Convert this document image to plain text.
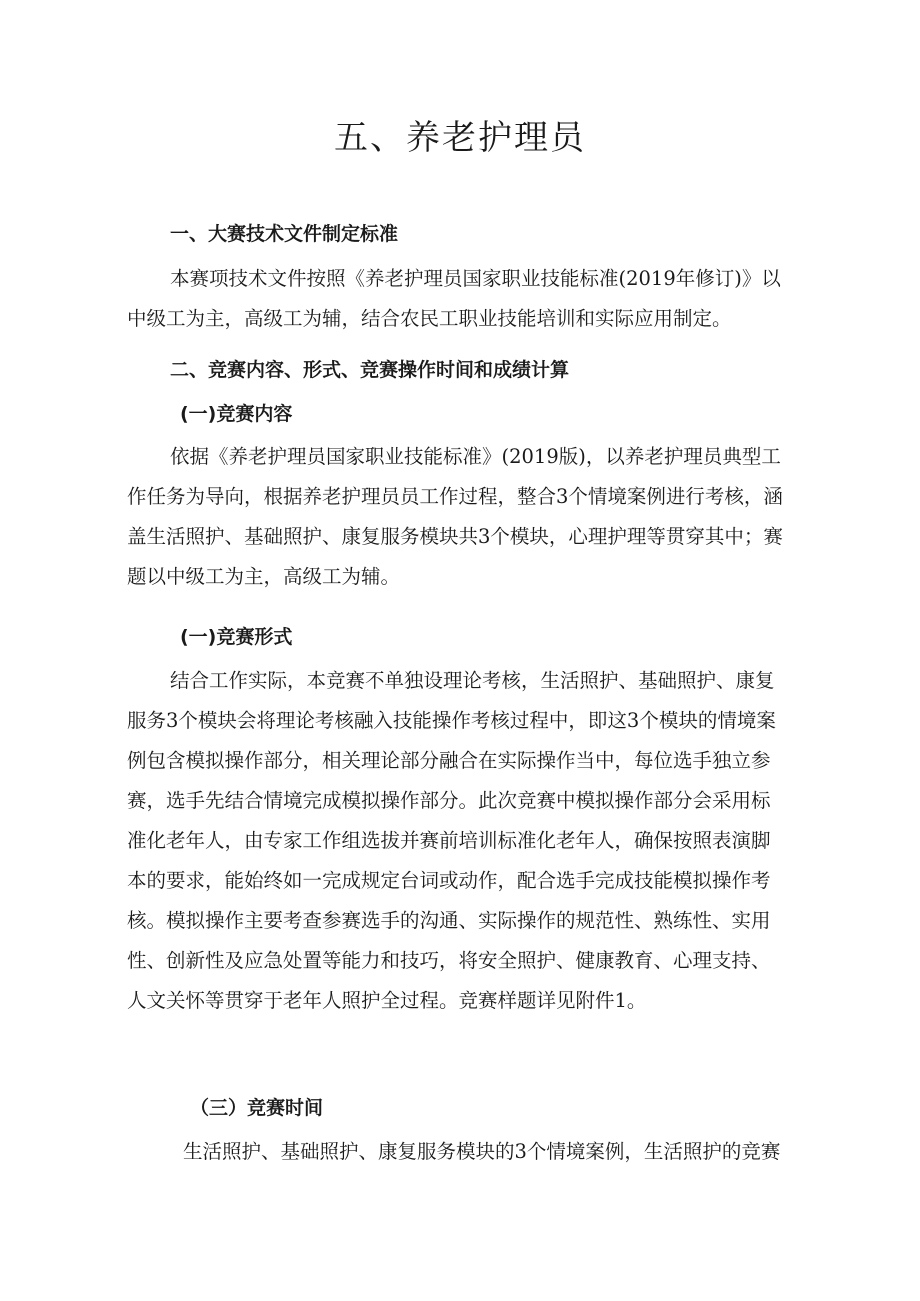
五、养老护理员
一、大赛技术文件制定标准
本赛项技术文件按照《养老护理员国家职业技能标准(2019年修订)》以
中级工为主，高级工为辅，结合农民工职业技能培训和实际应用制定。
二、竞赛内容、形式、竞赛操作时间和成绩计算
(一)竞赛内容
依据《养老护理员国家职业技能标准》(2019版)，以养老护理员典型工
作任务为导向，根据养老护理员员工作过程，整合3个情境案例进行考核，涵
盖生活照护、基础照护、康复服务模块共3个模块，心理护理等贯穿其中；赛
题以中级工为主，高级工为辅。
(一)竞赛形式
结合工作实际，本竞赛不单独设理论考核，生活照护、基础照护、康复
服务3个模块会将理论考核融入技能操作考核过程中，即这3个模块的情境案
例包含模拟操作部分，相关理论部分融合在实际操作当中，每位选手独立参
赛，选手先结合情境完成模拟操作部分。此次竞赛中模拟操作部分会采用标
准化老年人，由专家工作组选拔并赛前培训标准化老年人，确保按照表演脚
本的要求，能始终如一完成规定台词或动作，配合选手完成技能模拟操作考
核。模拟操作主要考查参赛选手的沟通、实际操作的规范性、熟练性、实用
性、创新性及应急处置等能力和技巧，将安全照护、健康教育、心理支持、
人文关怀等贯穿于老年人照护全过程。竞赛样题详见附件1。
（三）竞赛时间
生活照护、基础照护、康复服务模块的3个情境案例，生活照护的竞赛
